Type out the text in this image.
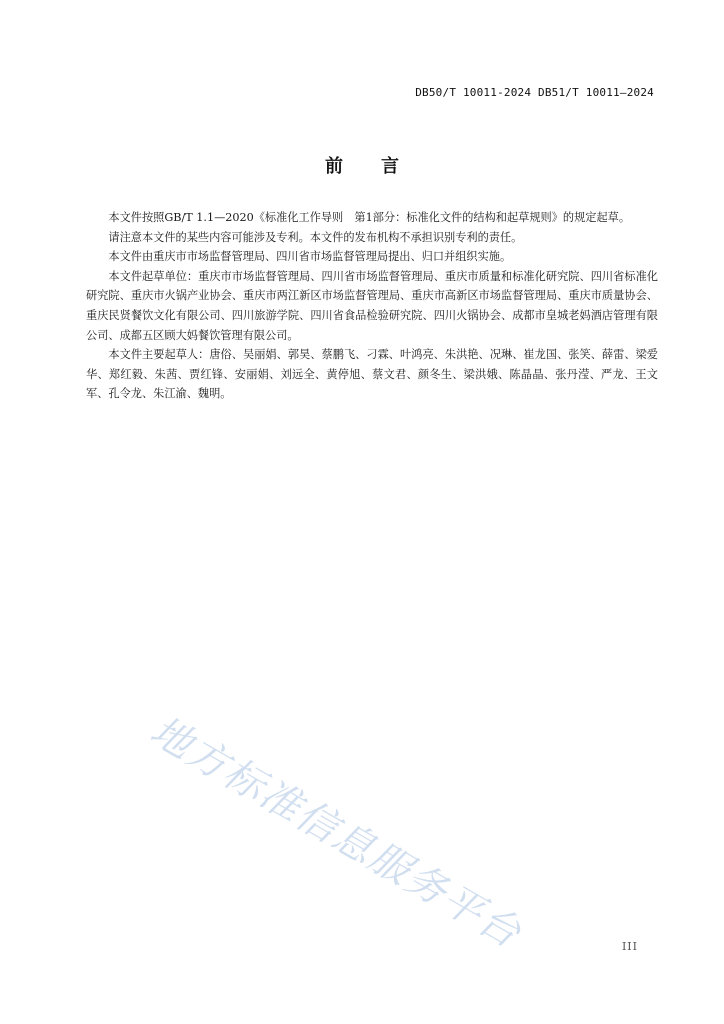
DB50/T 10011-2024 DB51/T 10011—2024
前言

本文件按照GB/T 1.1—2020《标准化工作导则　第1部分：标准化文件的结构和起草规则》的规定起草。

请注意本文件的某些内容可能涉及专利。本文件的发布机构不承担识别专利的责任。

本文件由重庆市市场监督管理局、四川省市场监督管理局提出、归口并组织实施。

本文件起草单位：重庆市市场监督管理局、四川省市场监督管理局、重庆市质量和标准化研究院、四川省标准化研究院、重庆市火锅产业协会、重庆市两江新区市场监督管理局、重庆市高新区市场监督管理局、重庆市质量协会、重庆民贤餐饮文化有限公司、四川旅游学院、四川省食品检验研究院、四川火锅协会、成都市皇城老妈酒店管理有限公司、成都五区顾大妈餐饮管理有限公司。

本文件主要起草人：唐俗、吴丽娟、郭昊、蔡鹏飞、刁霖、叶鸿亮、朱洪艳、况琳、崔龙国、张笑、薛雷、梁爱华、郑红毅、朱茜、贾红锋、安丽娟、刘远全、黄停旭、蔡文君、颜冬生、梁洪娥、陈晶晶、张丹滢、严龙、王文军、孔令龙、朱江渝、魏明。

地方标准信息服务平台	III
